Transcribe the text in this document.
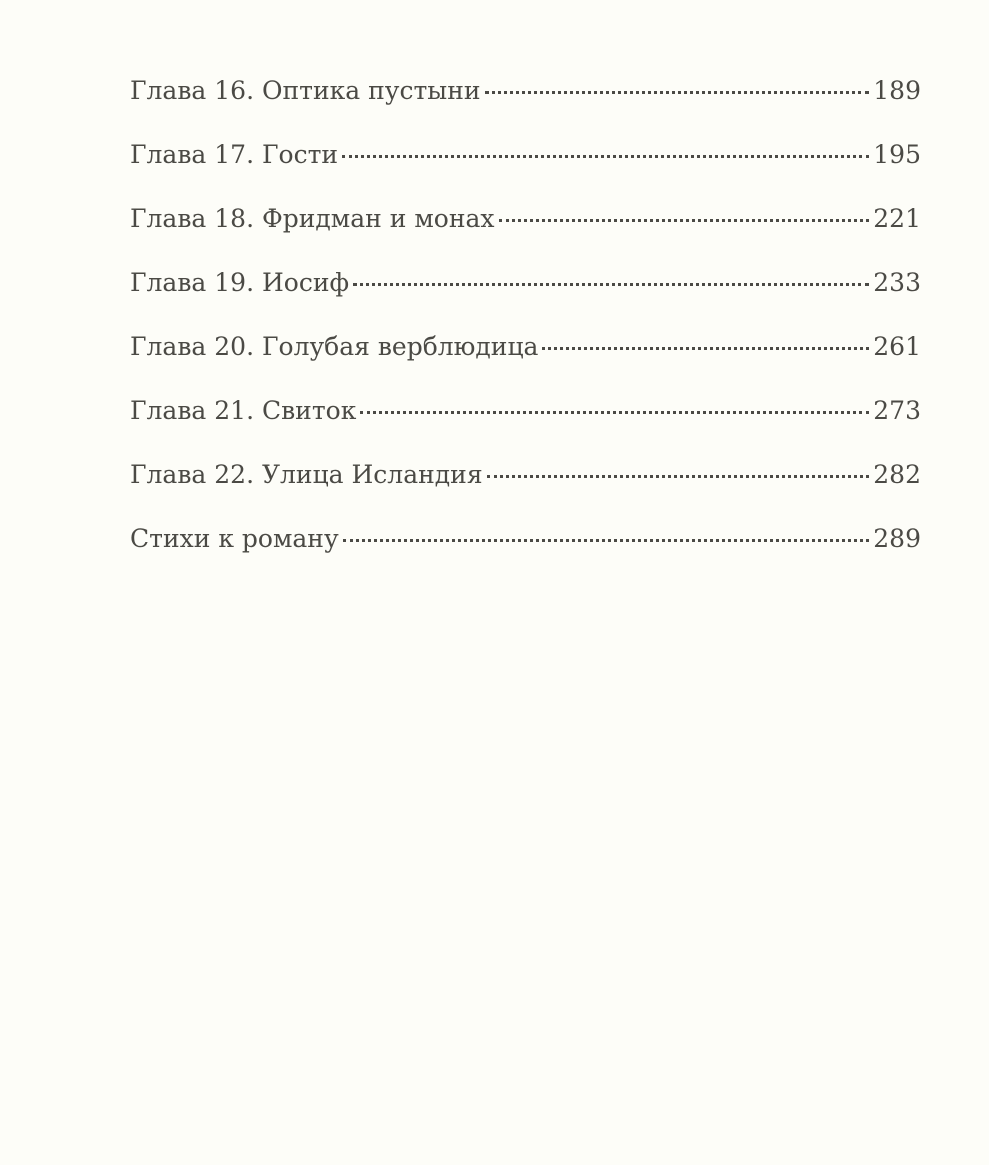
Глава 16. Оптика пустыни	189
Глава 17. Гости	195
Глава 18. Фридман и монах	221
Глава 19. Иосиф	233
Глава 20. Голубая верблюдица	261
Глава 21. Свиток	273
Глава 22. Улица Исландия	282
Стихи к роману	289
